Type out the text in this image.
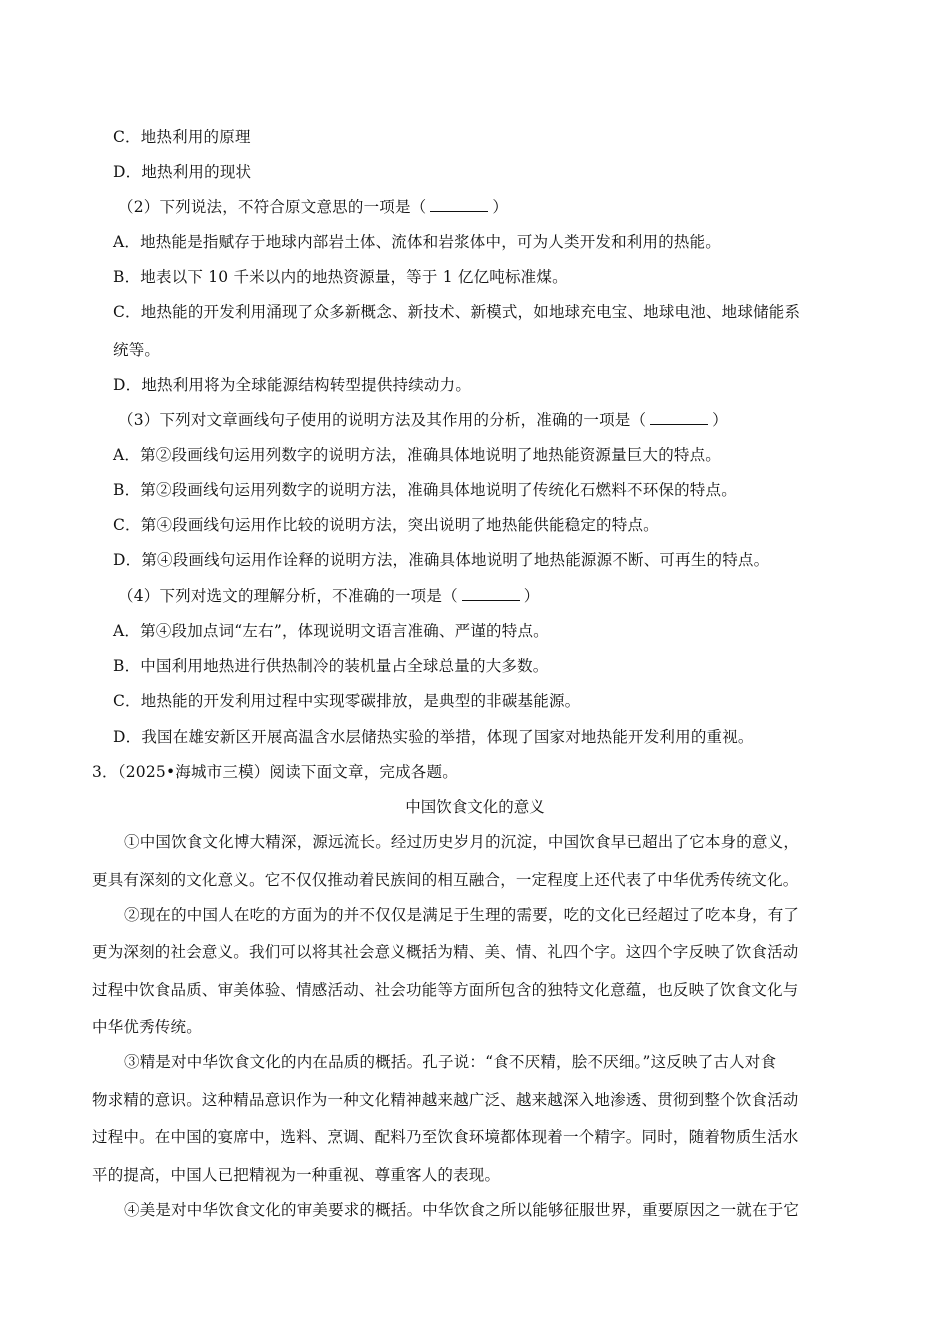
C．地热利用的原理
D．地热利用的现状
（2）下列说法，不符合原文意思的一项是（	）
A．地热能是指赋存于地球内部岩土体、流体和岩浆体中，可为人类开发和利用的热能。
B．地表以下 10 千米以内的地热资源量，等于 1 亿亿吨标准煤。
C．地热能的开发利用涌现了众多新概念、新技术、新模式，如地球充电宝、地球电池、地球储能系
统等。
D．地热利用将为全球能源结构转型提供持续动力。
（3）下列对文章画线句子使用的说明方法及其作用的分析，准确的一项是（	）
A．第②段画线句运用列数字的说明方法，准确具体地说明了地热能资源量巨大的特点。
B．第②段画线句运用列数字的说明方法，准确具体地说明了传统化石燃料不环保的特点。
C．第④段画线句运用作比较的说明方法，突出说明了地热能供能稳定的特点。
D．第④段画线句运用作诠释的说明方法，准确具体地说明了地热能源源不断、可再生的特点。
（4）下列对选文的理解分析，不准确的一项是（	）
A．第④段加点词“左右”，体现说明文语言准确、严谨的特点。
B．中国利用地热进行供热制冷的装机量占全球总量的大多数。
C．地热能的开发利用过程中实现零碳排放，是典型的非碳基能源。
D．我国在雄安新区开展高温含水层储热实验的举措，体现了国家对地热能开发利用的重视。
3．（2025•海城市三模）阅读下面文章，完成各题。
中国饮食文化的意义
①中国饮食文化博大精深，源远流长。经过历史岁月的沉淀，中国饮食早已超出了它本身的意义，
更具有深刻的文化意义。它不仅仅推动着民族间的相互融合，一定程度上还代表了中华优秀传统文化。
②现在的中国人在吃的方面为的并不仅仅是满足于生理的需要，吃的文化已经超过了吃本身，有了
更为深刻的社会意义。我们可以将其社会意义概括为精、美、情、礼四个字。这四个字反映了饮食活动
过程中饮食品质、审美体验、情感活动、社会功能等方面所包含的独特文化意蕴，也反映了饮食文化与
中华优秀传统。
③精是对中华饮食文化的内在品质的概括。孔子说：“食不厌精，脍不厌细。”这反映了古人对食
物求精的意识。这种精品意识作为一种文化精神越来越广泛、越来越深入地渗透、贯彻到整个饮食活动
过程中。在中国的宴席中，选料、烹调、配料乃至饮食环境都体现着一个精字。同时，随着物质生活水
平的提高，中国人已把精视为一种重视、尊重客人的表现。
④美是对中华饮食文化的审美要求的概括。中华饮食之所以能够征服世界，重要原因之一就在于它
